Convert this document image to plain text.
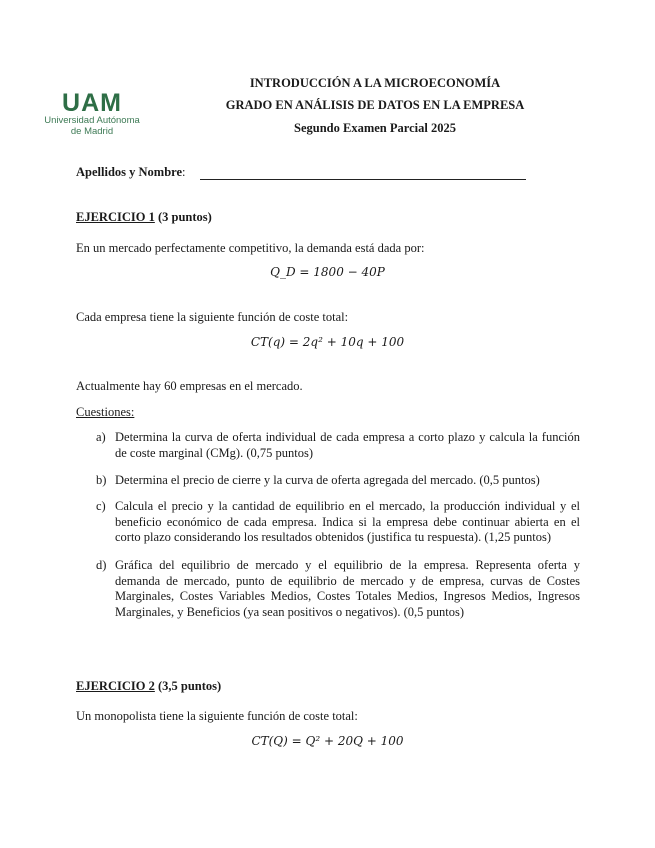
UAM
Universidad Autónoma
de Madrid
INTRODUCCIÓN A LA MICROECONOMÍA
GRADO EN ANÁLISIS DE DATOS EN LA EMPRESA
Segundo Examen Parcial 2025
Apellidos y Nombre:
EJERCICIO 1 (3 puntos)
En un mercado perfectamente competitivo, la demanda está dada por:
Q_D = 1800 − 40P
Cada empresa tiene la siguiente función de coste total:
CT(q) = 2q² + 10q + 100
Actualmente hay 60 empresas en el mercado.
Cuestiones:
a) Determina la curva de oferta individual de cada empresa a corto plazo y calcula la función de coste marginal (CMg). (0,75 puntos)
b) Determina el precio de cierre y la curva de oferta agregada del mercado. (0,5 puntos)
c) Calcula el precio y la cantidad de equilibrio en el mercado, la producción individual y el beneficio económico de cada empresa. Indica si la empresa debe continuar abierta en el corto plazo considerando los resultados obtenidos (justifica tu respuesta). (1,25 puntos)
d) Gráfica del equilibrio de mercado y el equilibrio de la empresa. Representa oferta y demanda de mercado, punto de equilibrio de mercado y de empresa, curvas de Costes Marginales, Costes Variables Medios, Costes Totales Medios, Ingresos Medios, Ingresos Marginales, y Beneficios (ya sean positivos o negativos). (0,5 puntos)
EJERCICIO 2 (3,5 puntos)
Un monopolista tiene la siguiente función de coste total:
CT(Q) = Q² + 20Q + 100
